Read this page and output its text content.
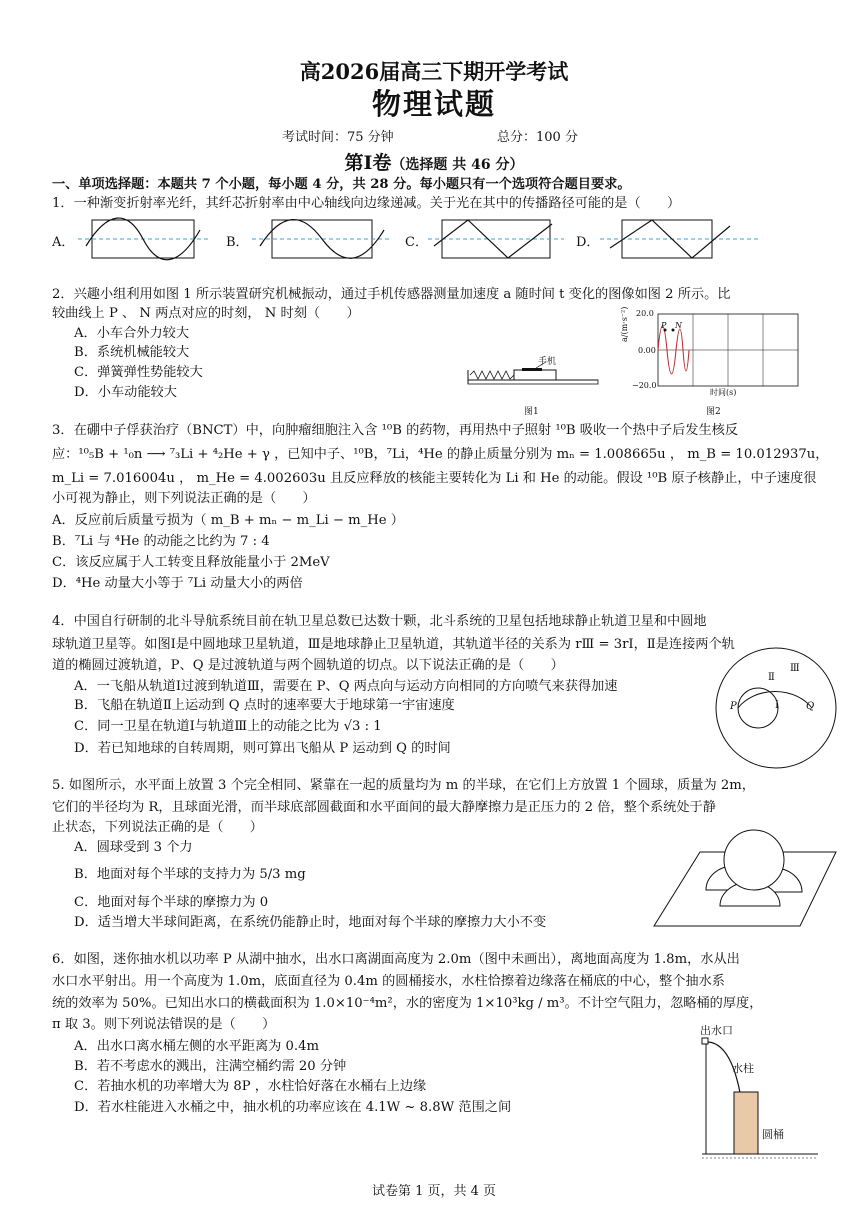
高2026届高三下期开学考试
物理试题
考试时间：75 分钟	总分：100 分
第Ⅰ卷（选择题 共 46 分）
一、单项选择题：本题共 7 个小题，每小题 4 分，共 28 分。每小题只有一个选项符合题目要求。
1．一种渐变折射率光纤，其纤芯折射率由中心轴线向边缘递减。关于光在其中的传播路径可能的是（　　）
A．	B．	C．	D．
2．兴趣小组利用如图 1 所示装置研究机械振动，通过手机传感器测量加速度 a 随时间 t 变化的图像如图 2 所示。比
较曲线上 P 、 N 两点对应的时刻， N 时刻（　　）
A．小车合外力较大
B．系统机械能较大
C．弹簧弹性势能较大
D．小车动能较大
手机
图1
20.0
0.00
−20.0
a/(m·s⁻²)
时间(s)
P N
图2
3．在硼中子俘获治疗（BNCT）中，向肿瘤细胞注入含 ¹⁰B 的药物，再用热中子照射 ¹⁰B 吸收一个热中子后发生核反
应：¹⁰₅B + ¹₀n ⟶ ⁷₃Li + ⁴₂He + γ ，已知中子、¹⁰B，⁷Li，⁴He 的静止质量分别为 mₙ = 1.008665u ， m_B = 10.012937u，
m_Li = 7.016004u ， m_He = 4.002603u 且反应释放的核能主要转化为 Li 和 He 的动能。假设 ¹⁰B 原子核静止，中子速度很
小可视为静止，则下列说法正确的是（　　）
A．反应前后质量亏损为（ m_B + mₙ − m_Li − m_He ）
B．⁷Li 与 ⁴He 的动能之比约为 7 : 4
C．该反应属于人工转变且释放能量小于 2MeV
D．⁴He 动量大小等于 ⁷Li 动量大小的两倍
4．中国自行研制的北斗导航系统目前在轨卫星总数已达数十颗，北斗系统的卫星包括地球静止轨道卫星和中圆地
球轨道卫星等。如图Ⅰ是中圆地球卫星轨道，Ⅲ是地球静止卫星轨道，其轨道半径的关系为 rⅢ = 3rⅠ，Ⅱ是连接两个轨
道的椭圆过渡轨道，P、Q 是过渡轨道与两个圆轨道的切点。以下说法正确的是（　　）
A．一飞船从轨道Ⅰ过渡到轨道Ⅲ，需要在 P、Q 两点向与运动方向相同的方向喷气来获得加速
B．飞船在轨道Ⅱ上运动到 Q 点时的速率要大于地球第一宇宙速度
C．同一卫星在轨道Ⅰ与轨道Ⅲ上的动能之比为 √3 : 1
D．若已知地球的自转周期，则可算出飞船从 P 运动到 Q 的时间
Ⅲ
Ⅱ
Ⅰ
P	Q
5. 如图所示，水平面上放置 3 个完全相同、紧靠在一起的质量均为 m 的半球，在它们上方放置 1 个圆球，质量为 2m，
它们的半径均为 R，且球面光滑，而半球底部圆截面和水平面间的最大静摩擦力是正压力的 2 倍，整个系统处于静
止状态，下列说法正确的是（　　）
A．圆球受到 3 个力
B．地面对每个半球的支持力为 5/3 mg
C．地面对每个半球的摩擦力为 0
D．适当增大半球间距离，在系统仍能静止时，地面对每个半球的摩擦力大小不变
6．如图，迷你抽水机以功率 P 从湖中抽水，出水口离湖面高度为 2.0m（图中未画出），离地面高度为 1.8m，水从出
水口水平射出。用一个高度为 1.0m，底面直径为 0.4m 的圆桶接水，水柱恰擦着边缘落在桶底的中心，整个抽水系
统的效率为 50%。已知出水口的横截面积为 1.0×10⁻⁴m²，水的密度为 1×10³kg / m³。不计空气阻力，忽略桶的厚度，
π 取 3。则下列说法错误的是（　　）
A．出水口离水桶左侧的水平距离为 0.4m
B．若不考虑水的溅出，注满空桶约需 20 分钟
C．若抽水机的功率增大为 8P ，水柱恰好落在水桶右上边缘
D．若水柱能进入水桶之中，抽水机的功率应该在 4.1W ~ 8.8W 范围之间
出水口
水柱
圆桶
试卷第 1 页，共 4 页
